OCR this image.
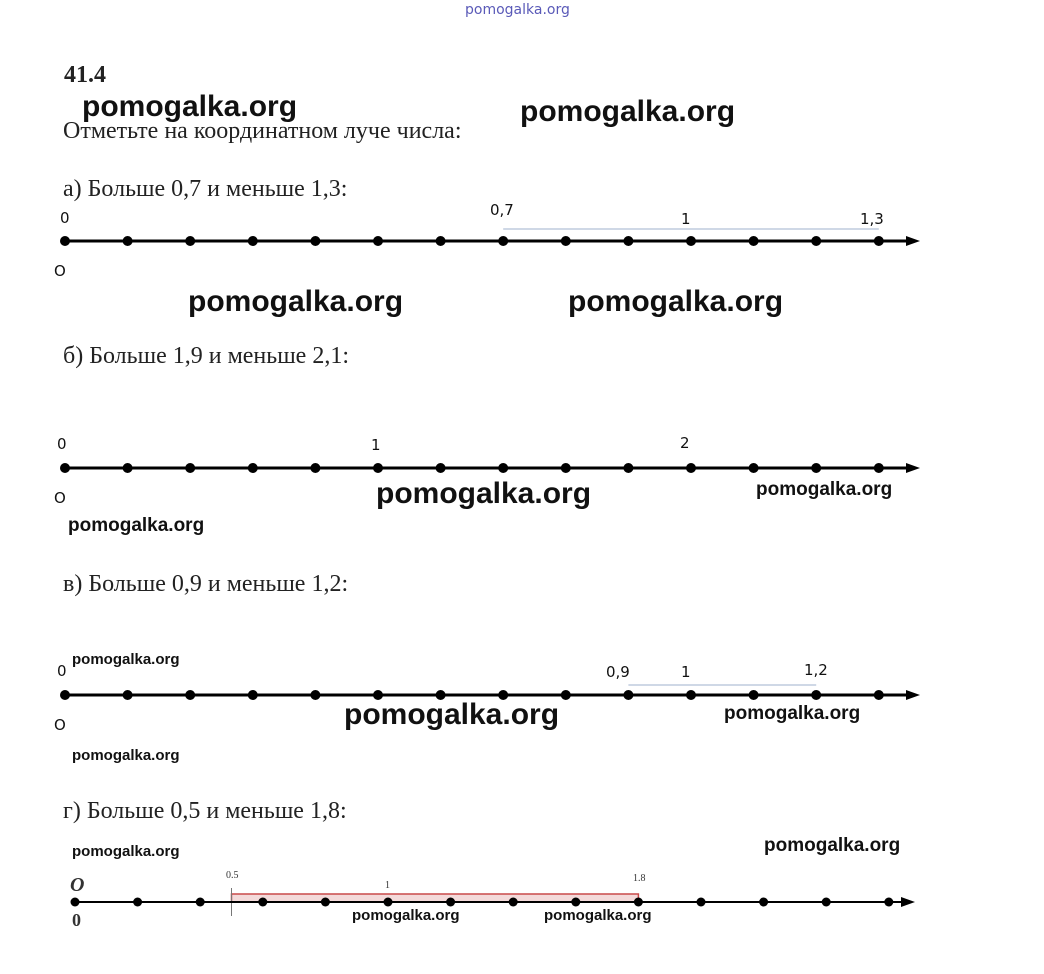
pomogalka.org
41.4
Отметьте на координатном луче числа:
pomogalka.org	pomogalka.org
а) Больше 0,7 и меньше 1,3:
0	0,7	1	1,3
O
pomogalka.org	pomogalka.org
б) Больше 1,9 и меньше 2,1:
0	1	2
O	pomogalka.org	pomogalka.org
pomogalka.org
в) Больше 0,9 и меньше 1,2:
pomogalka.org
0	0,9	1	1,2
O	pomogalka.org	pomogalka.org
pomogalka.org
г) Больше 0,5 и меньше 1,8:
pomogalka.org	pomogalka.org
O	0.5
1
1.8
0	pomogalka.org	pomogalka.org
